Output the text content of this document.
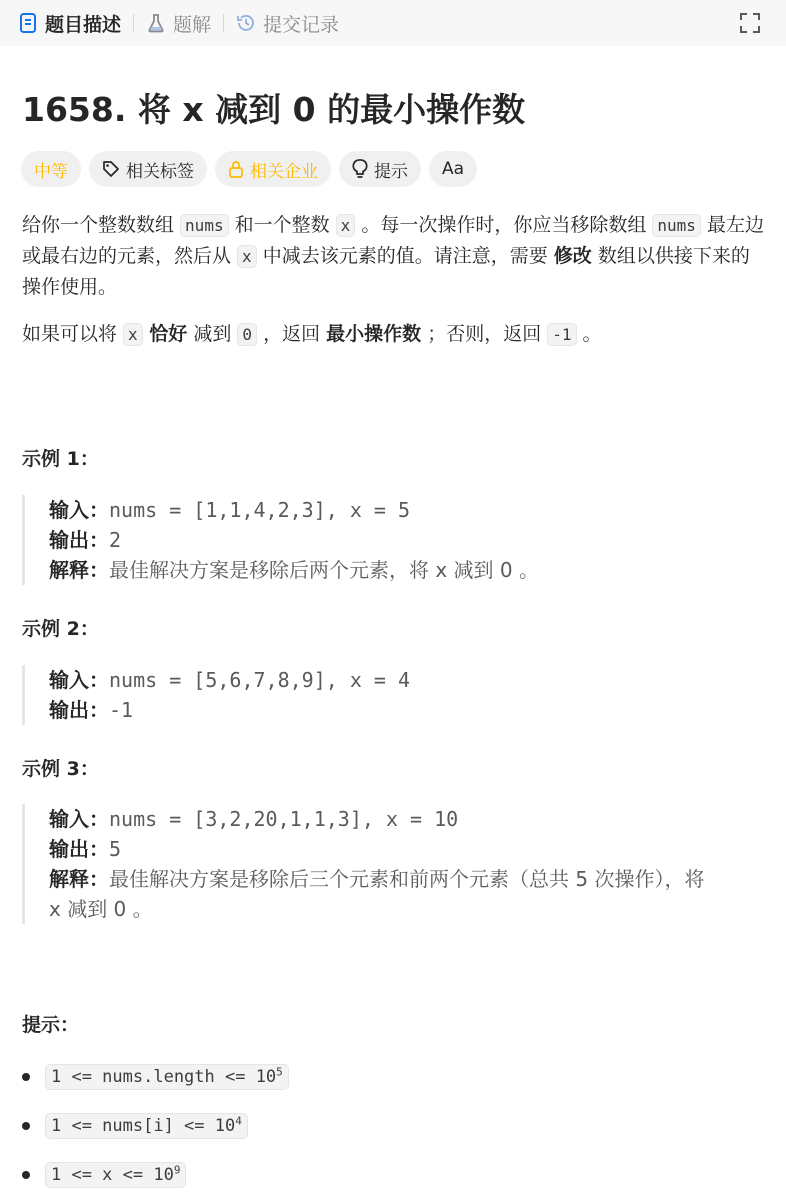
题目描述	题解	提交记录
1658. 将 x 减到 0 的最小操作数
中等	相关标签	相关企业	提示 Aa

给你一个整数数组 nums 和一个整数 x 。每一次操作时，你应当移除数组 nums 最左边或最右边的元素，然后从 x 中减去该元素的值。请注意，需要 修改 数组以供接下来的操作使用。

如果可以将 x 恰好 减到 0 ，返回 最小操作数 ；否则，返回 -1 。

示例 1：
输入：nums = [1,1,4,2,3], x = 5
输出：2
解释：最佳解决方案是移除后两个元素，将 x 减到 0 。
示例 2：
输入：nums = [5,6,7,8,9], x = 4
输出：-1
示例 3：
输入：nums = [3,2,20,1,1,3], x = 10
输出：5
解释：最佳解决方案是移除后三个元素和前两个元素（总共 5 次操作），将
x 减到 0 。
提示：
1 <= nums.length <= $10^5$
1 <= nums[i] <= $10^4$
$1 <= x <= 10^9$
